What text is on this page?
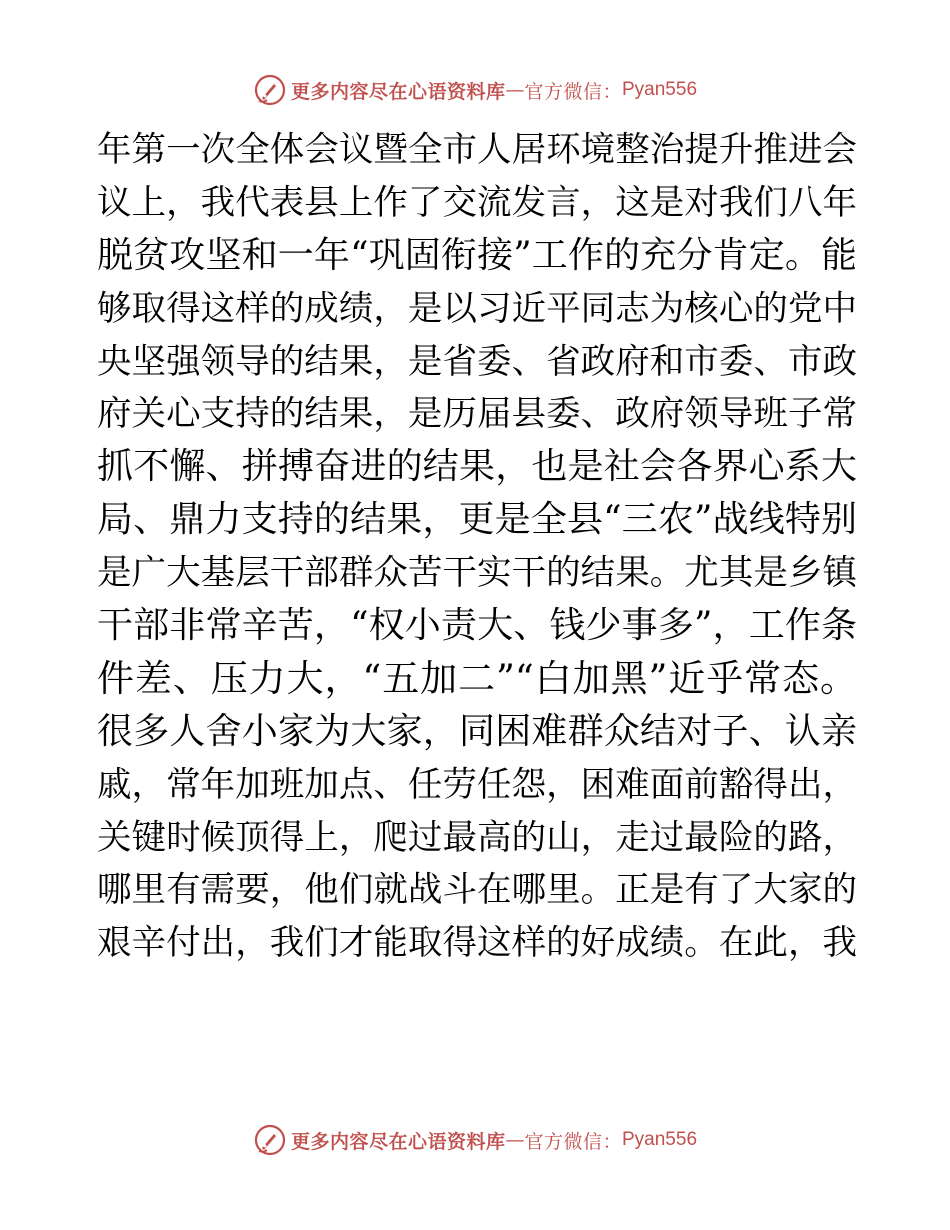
更多内容尽在心语资料库 — 官方微信： Pyan556
年第一次全体会议暨全市人居环境整治提升推进会
议上，我代表县上作了交流发言，这是对我们八年
脱贫攻坚和一年“巩固衔接”工作的充分肯定。能
够取得这样的成绩，是以习近平同志为核心的党中
央坚强领导的结果，是省委、省政府和市委、市政
府关心支持的结果，是历届县委、政府领导班子常
抓不懈、拼搏奋进的结果，也是社会各界心系大
局、鼎力支持的结果，更是全县“三农”战线特别
是广大基层干部群众苦干实干的结果。尤其是乡镇
干部非常辛苦，“权小责大、钱少事多”，工作条
件差、压力大，“五加二”“白加黑”近乎常态。
很多人舍小家为大家，同困难群众结对子、认亲
戚，常年加班加点、任劳任怨，困难面前豁得出，
关键时候顶得上，爬过最高的山，走过最险的路，
哪里有需要，他们就战斗在哪里。正是有了大家的
艰辛付出，我们才能取得这样的好成绩。在此，我
更多内容尽在心语资料库 — 官方微信： Pyan556
